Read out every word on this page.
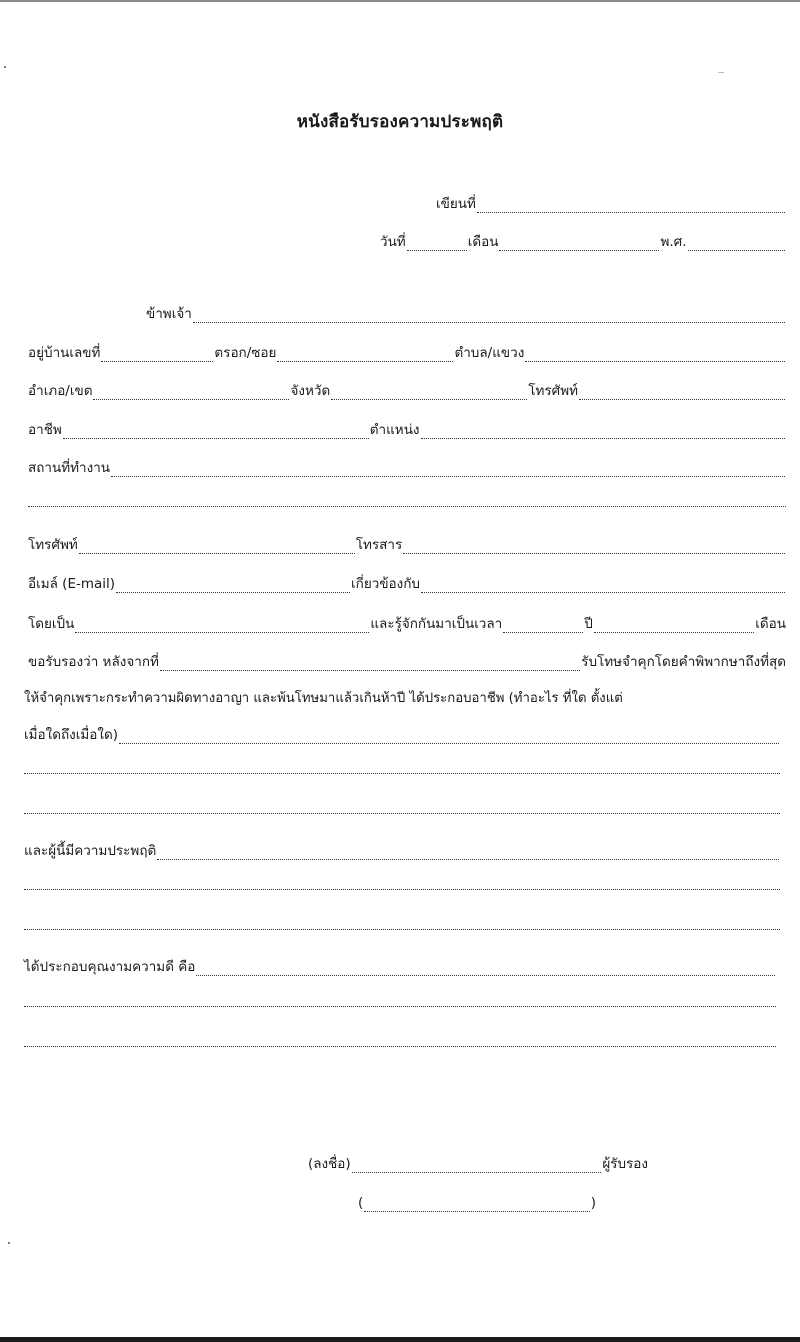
หนังสือรับรองความประพฤติ
เขียนที่
วันที่	เดือน	พ.ศ.
ข้าพเจ้า
อยู่บ้านเลขที่	ตรอก/ซอย	ตำบล/แขวง
อำเภอ/เขต	จังหวัด	โทรศัพท์
อาชีพ	ตำแหน่ง
สถานที่ทำงาน
โทรศัพท์	โทรสาร
อีเมล์ (E-mail)	เกี่ยวข้องกับ
โดยเป็น	และรู้จักกันมาเป็นเวลา	ปี	เดือน
ขอรับรองว่า หลังจากที่	รับโทษจำคุกโดยคำพิพากษาถึงที่สุด
ให้จำคุกเพราะกระทำความผิดทางอาญา และพ้นโทษมาแล้วเกินห้าปี ได้ประกอบอาชีพ (ทำอะไร ที่ใด ตั้งแต่
เมื่อใดถึงเมื่อใด)
และผู้นี้มีความประพฤติ
ได้ประกอบคุณงามความดี คือ
(ลงชื่อ)	ผู้รับรอง
(	)
